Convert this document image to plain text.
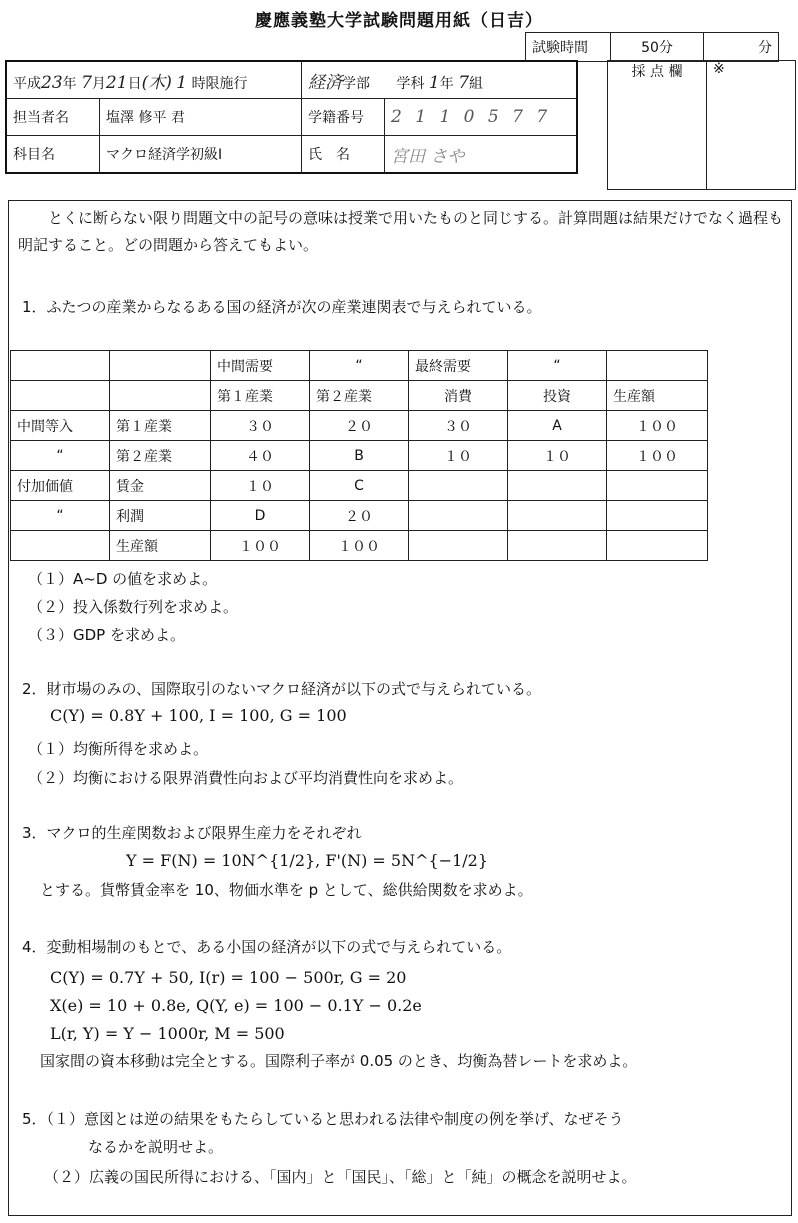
慶應義塾大学試験問題用紙（日吉）
試験時間	50分	分
平成23年 7月21日(木) 1 時限施行		経済学部 学科 1年 7組	
担当者名	塩澤 修平 君	学籍番号	2 1 1 0 5 7 7
科目名	マクロ経済学初級Ⅰ	氏　名	宮田 さや
採 点 欄	※
とくに断らない限り問題文中の記号の意味は授業で用いたものと同じする。計算問題は結果だけでなく過程も明記すること。どの問題から答えてもよい。
1．ふたつの産業からなるある国の経済が次の産業連関表で与えられている。
		中間需要	“	最終需要	“	
		第１産業	第２産業	消費	投資	生産額
中間等入	第１産業	３０	２０	３０	A	１００
“	第２産業	４０	B	１０	１０	１００
付加価値	賃金	１０	C			
“	利潤	D	２０			
	生産額	１００	１００			
（１）A~D の値を求めよ。
（２）投入係数行列を求めよ。
（３）GDP を求めよ。
2．財市場のみの、国際取引のないマクロ経済が以下の式で与えられている。
C(Y) = 0.8Y + 100, I = 100, G = 100
（１）均衡所得を求めよ。
（２）均衡における限界消費性向および平均消費性向を求めよ。
3．マクロ的生産関数および限界生産力をそれぞれ
Y = F(N) = 10N^{1/2}, F'(N) = 5N^{−1/2}
とする。貨幣賃金率を 10、物価水準を p として、総供給関数を求めよ。
4．変動相場制のもとで、ある小国の経済が以下の式で与えられている。
C(Y) = 0.7Y + 50, I(r) = 100 − 500r, G = 20
X(e) = 10 + 0.8e, Q(Y, e) = 100 − 0.1Y − 0.2e
L(r, Y) = Y − 1000r, M = 500
国家間の資本移動は完全とする。国際利子率が 0.05 のとき、均衡為替レートを求めよ。
5．（１）意図とは逆の結果をもたらしていると思われる法律や制度の例を挙げ、なぜそう
なるかを説明せよ。
（２）広義の国民所得における、「国内」と「国民」、「総」と「純」の概念を説明せよ。
